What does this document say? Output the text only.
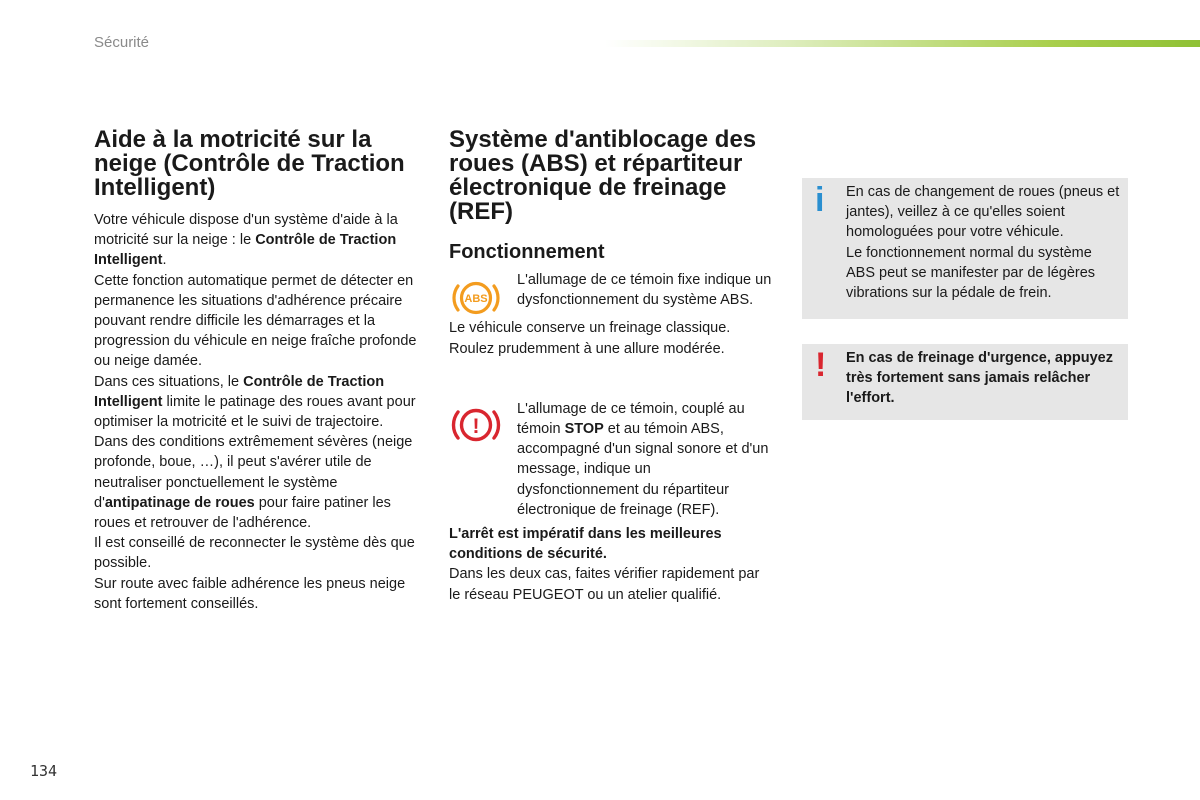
Sécurité
Aide à la motricité sur la
neige (Contrôle de Traction
Intelligent)

Votre véhicule dispose d'un système d'aide à la motricité sur la neige : le Contrôle de Traction Intelligent.

Cette fonction automatique permet de détecter en permanence les situations d'adhérence précaire pouvant rendre difficile les démarrages et la progression du véhicule en neige fraîche profonde ou neige damée.

Dans ces situations, le Contrôle de Traction Intelligent limite le patinage des roues avant pour optimiser la motricité et le suivi de trajectoire.

Dans des conditions extrêmement sévères (neige profonde, boue, …), il peut s'avérer utile de neutraliser ponctuellement le système d'antipatinage de roues pour faire patiner les roues et retrouver de l'adhérence.

Il est conseillé de reconnecter le système dès que possible.

Sur route avec faible adhérence les pneus neige sont fortement conseillés.

Système d'antiblocage des
roues (ABS) et répartiteur
électronique de freinage
(REF)
Fonctionnement
ABS

L'allumage de ce témoin fixe indique un dysfonctionnement du système ABS.

Le véhicule conserve un freinage classique. Roulez prudemment à une allure modérée.

!

L'allumage de ce témoin, couplé au témoin STOP et au témoin ABS, accompagné d'un signal sonore et d'un message, indique un dysfonctionnement du répartiteur électronique de freinage (REF).

L'arrêt est impératif dans les meilleures conditions de sécurité.

Dans les deux cas, faites vérifier rapidement par le réseau PEUGEOT ou un atelier qualifié.

i En cas de changement de roues (pneus et jantes), veillez à ce qu'elles soient homologuées pour votre véhicule.

Le fonctionnement normal du système ABS peut se manifester par de légères vibrations sur la pédale de frein.

! En cas de freinage d'urgence, appuyez très fortement sans jamais relâcher l'effort.

134
